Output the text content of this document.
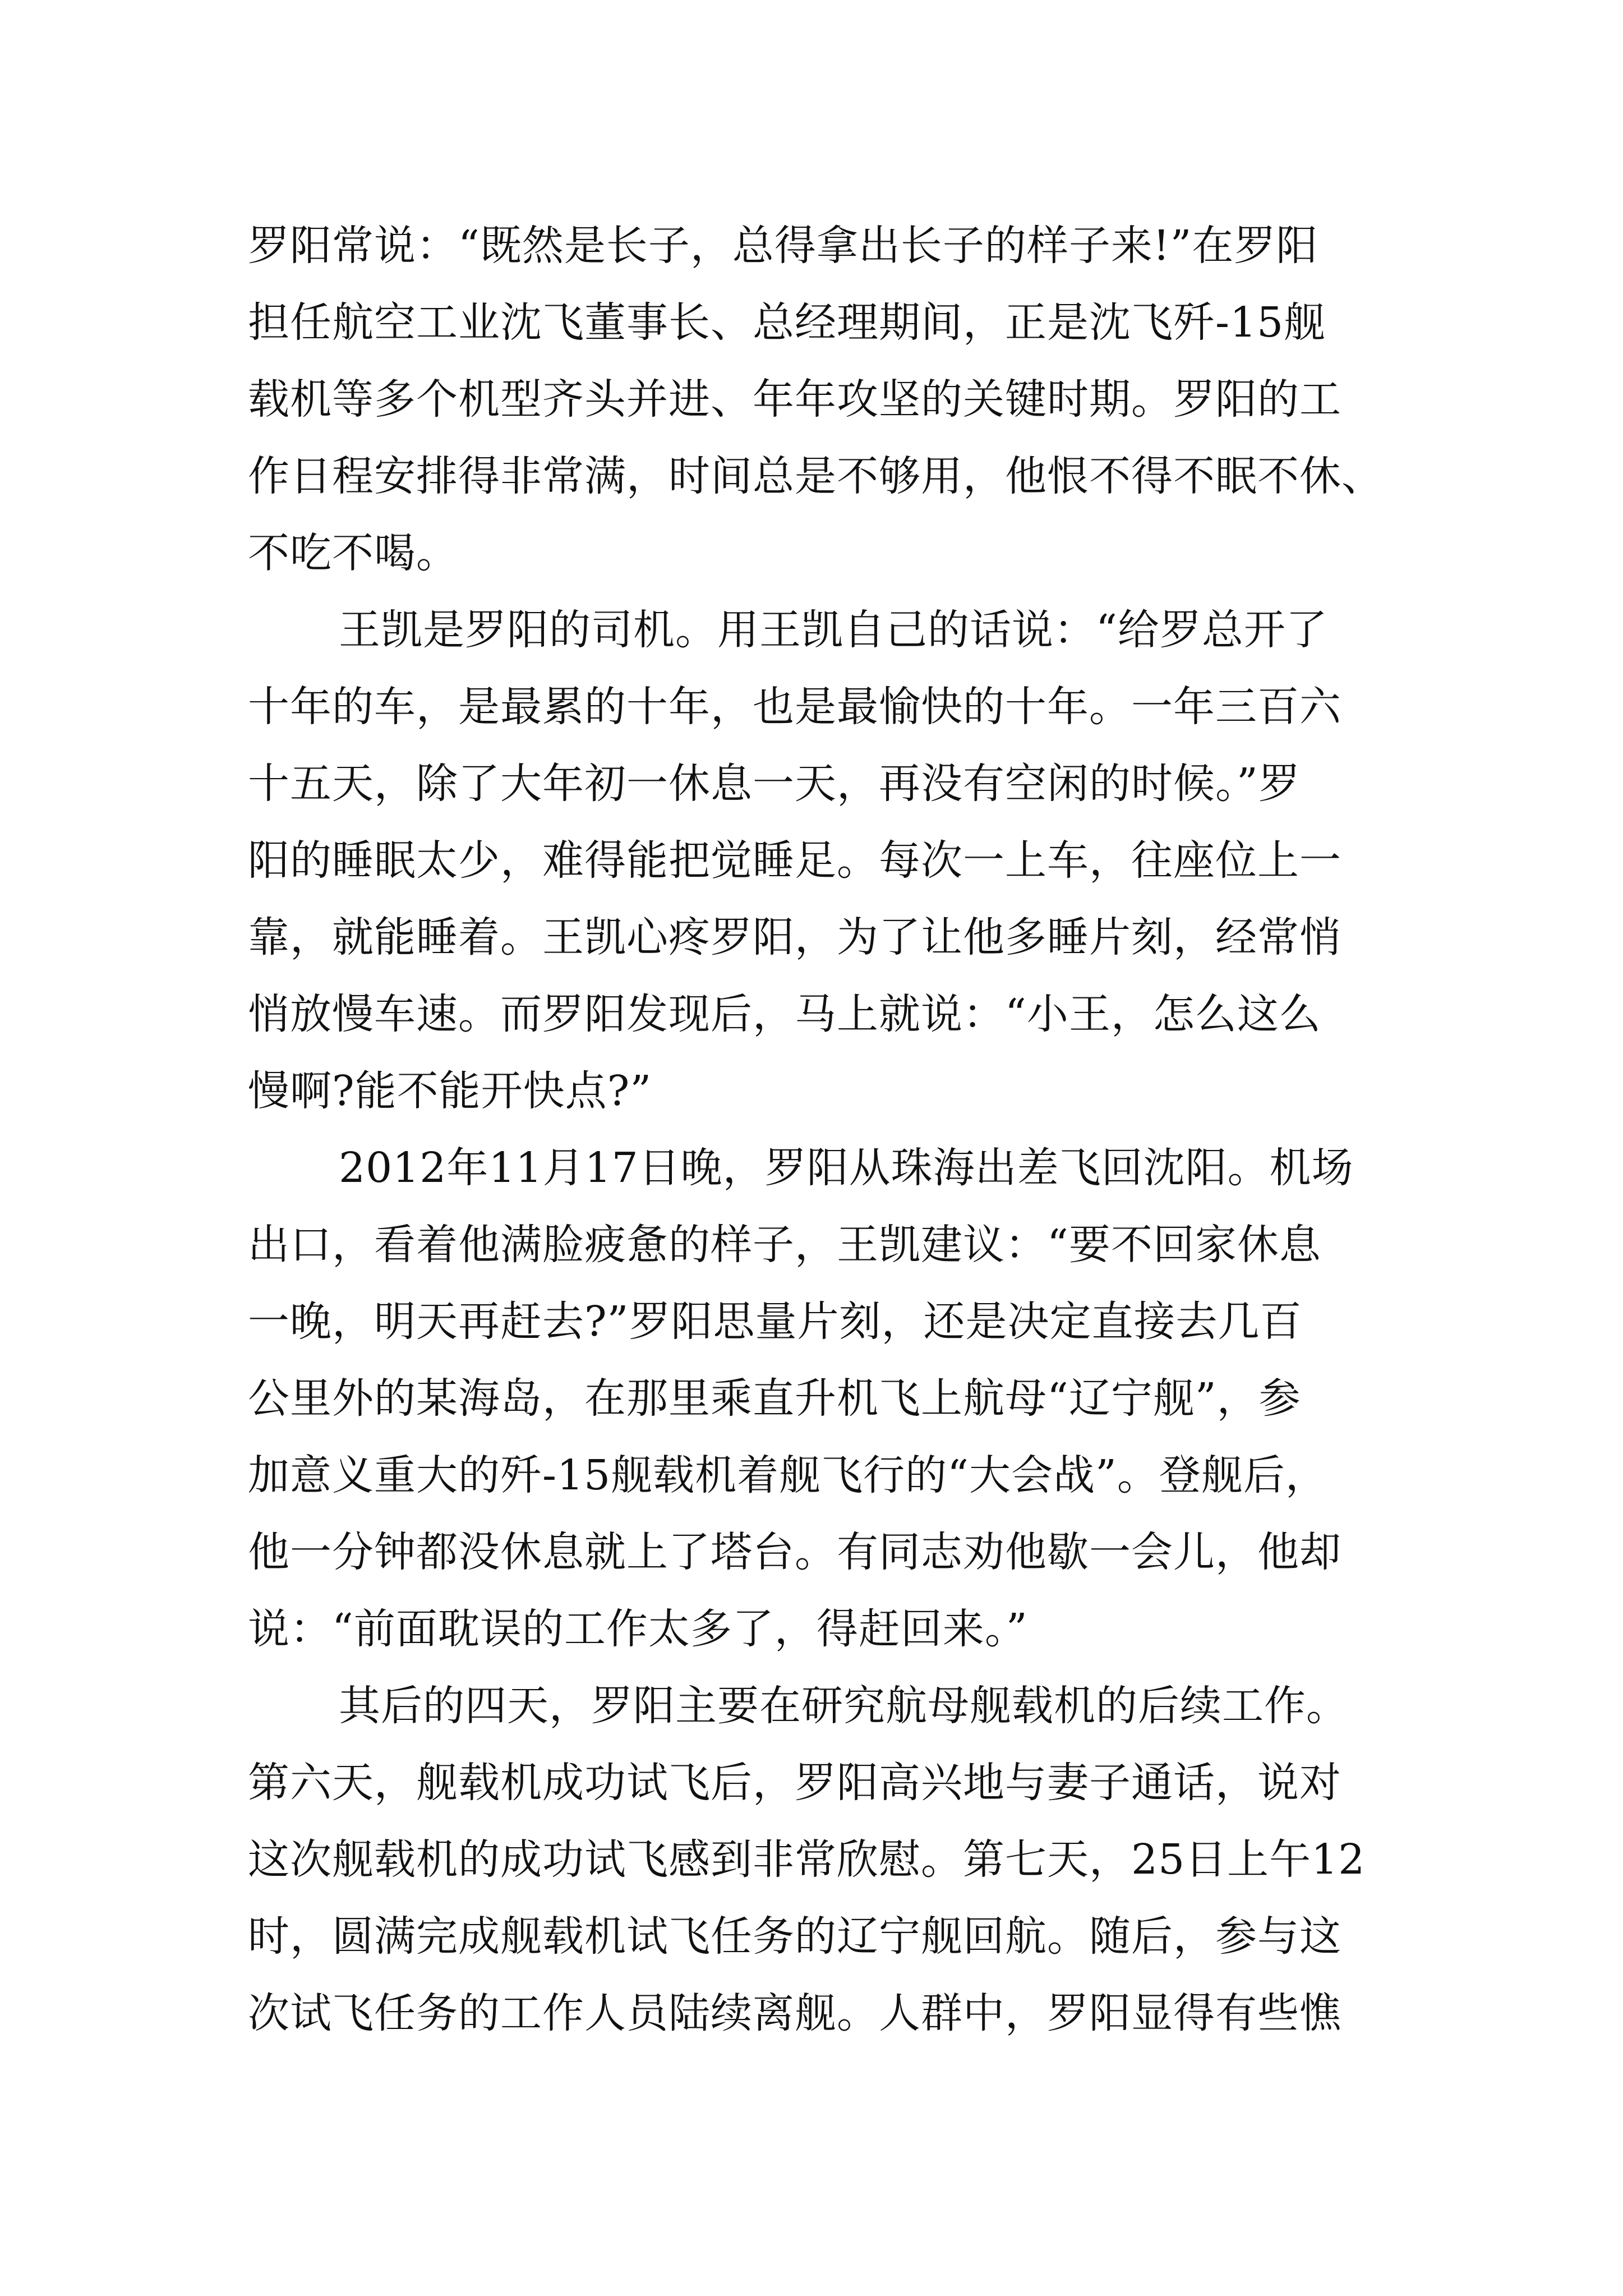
罗阳常说：“既然是长子，总得拿出长子的样子来!”在罗阳
担任航空工业沈飞董事长、总经理期间，正是沈飞歼-15舰
载机等多个机型齐头并进、年年攻坚的关键时期。罗阳的工
作日程安排得非常满，时间总是不够用，他恨不得不眠不休、
不吃不喝。
王凯是罗阳的司机。用王凯自己的话说：“给罗总开了
十年的车，是最累的十年，也是最愉快的十年。一年三百六
十五天，除了大年初一休息一天，再没有空闲的时候。”罗
阳的睡眠太少，难得能把觉睡足。每次一上车，往座位上一
靠，就能睡着。王凯心疼罗阳，为了让他多睡片刻，经常悄
悄放慢车速。而罗阳发现后，马上就说：“小王，怎么这么
慢啊?能不能开快点?”
2012年11月17日晚，罗阳从珠海出差飞回沈阳。机场
出口，看着他满脸疲惫的样子，王凯建议：“要不回家休息
一晚，明天再赶去?”罗阳思量片刻，还是决定直接去几百
公里外的某海岛，在那里乘直升机飞上航母“辽宁舰”，参
加意义重大的歼-15舰载机着舰飞行的“大会战”。登舰后，
他一分钟都没休息就上了塔台。有同志劝他歇一会儿，他却
说：“前面耽误的工作太多了，得赶回来。”
其后的四天，罗阳主要在研究航母舰载机的后续工作。
第六天，舰载机成功试飞后，罗阳高兴地与妻子通话，说对
这次舰载机的成功试飞感到非常欣慰。第七天，25日上午12
时，圆满完成舰载机试飞任务的辽宁舰回航。随后，参与这
次试飞任务的工作人员陆续离舰。人群中，罗阳显得有些憔
